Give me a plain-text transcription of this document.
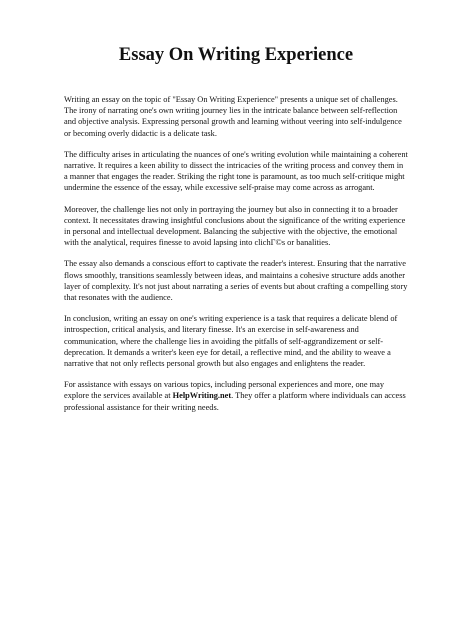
Essay On Writing Experience

Writing an essay on the topic of "Essay On Writing Experience" presents a unique set of challenges. The irony of narrating one's own writing journey lies in the intricate balance between self-reflection and objective analysis. Expressing personal growth and learning without veering into self-indulgence or becoming overly didactic is a delicate task.

The difficulty arises in articulating the nuances of one's writing evolution while maintaining a coherent narrative. It requires a keen ability to dissect the intricacies of the writing process and convey them in a manner that engages the reader. Striking the right tone is paramount, as too much self-critique might undermine the essence of the essay, while excessive self-praise may come across as arrogant.

Moreover, the challenge lies not only in portraying the journey but also in connecting it to a broader context. It necessitates drawing insightful conclusions about the significance of the writing experience in personal and intellectual development. Balancing the subjective with the objective, the emotional with the analytical, requires finesse to avoid lapsing into clichГ©s or banalities.

The essay also demands a conscious effort to captivate the reader's interest. Ensuring that the narrative flows smoothly, transitions seamlessly between ideas, and maintains a cohesive structure adds another layer of complexity. It's not just about narrating a series of events but about crafting a compelling story that resonates with the audience.

In conclusion, writing an essay on one's writing experience is a task that requires a delicate blend of introspection, critical analysis, and literary finesse. It's an exercise in self-awareness and communication, where the challenge lies in avoiding the pitfalls of self-aggrandizement or self-deprecation. It demands a writer's keen eye for detail, a reflective mind, and the ability to weave a narrative that not only reflects personal growth but also engages and enlightens the reader.

For assistance with essays on various topics, including personal experiences and more, one may explore the services available at HelpWriting.net. They offer a platform where individuals can access professional assistance for their writing needs.
